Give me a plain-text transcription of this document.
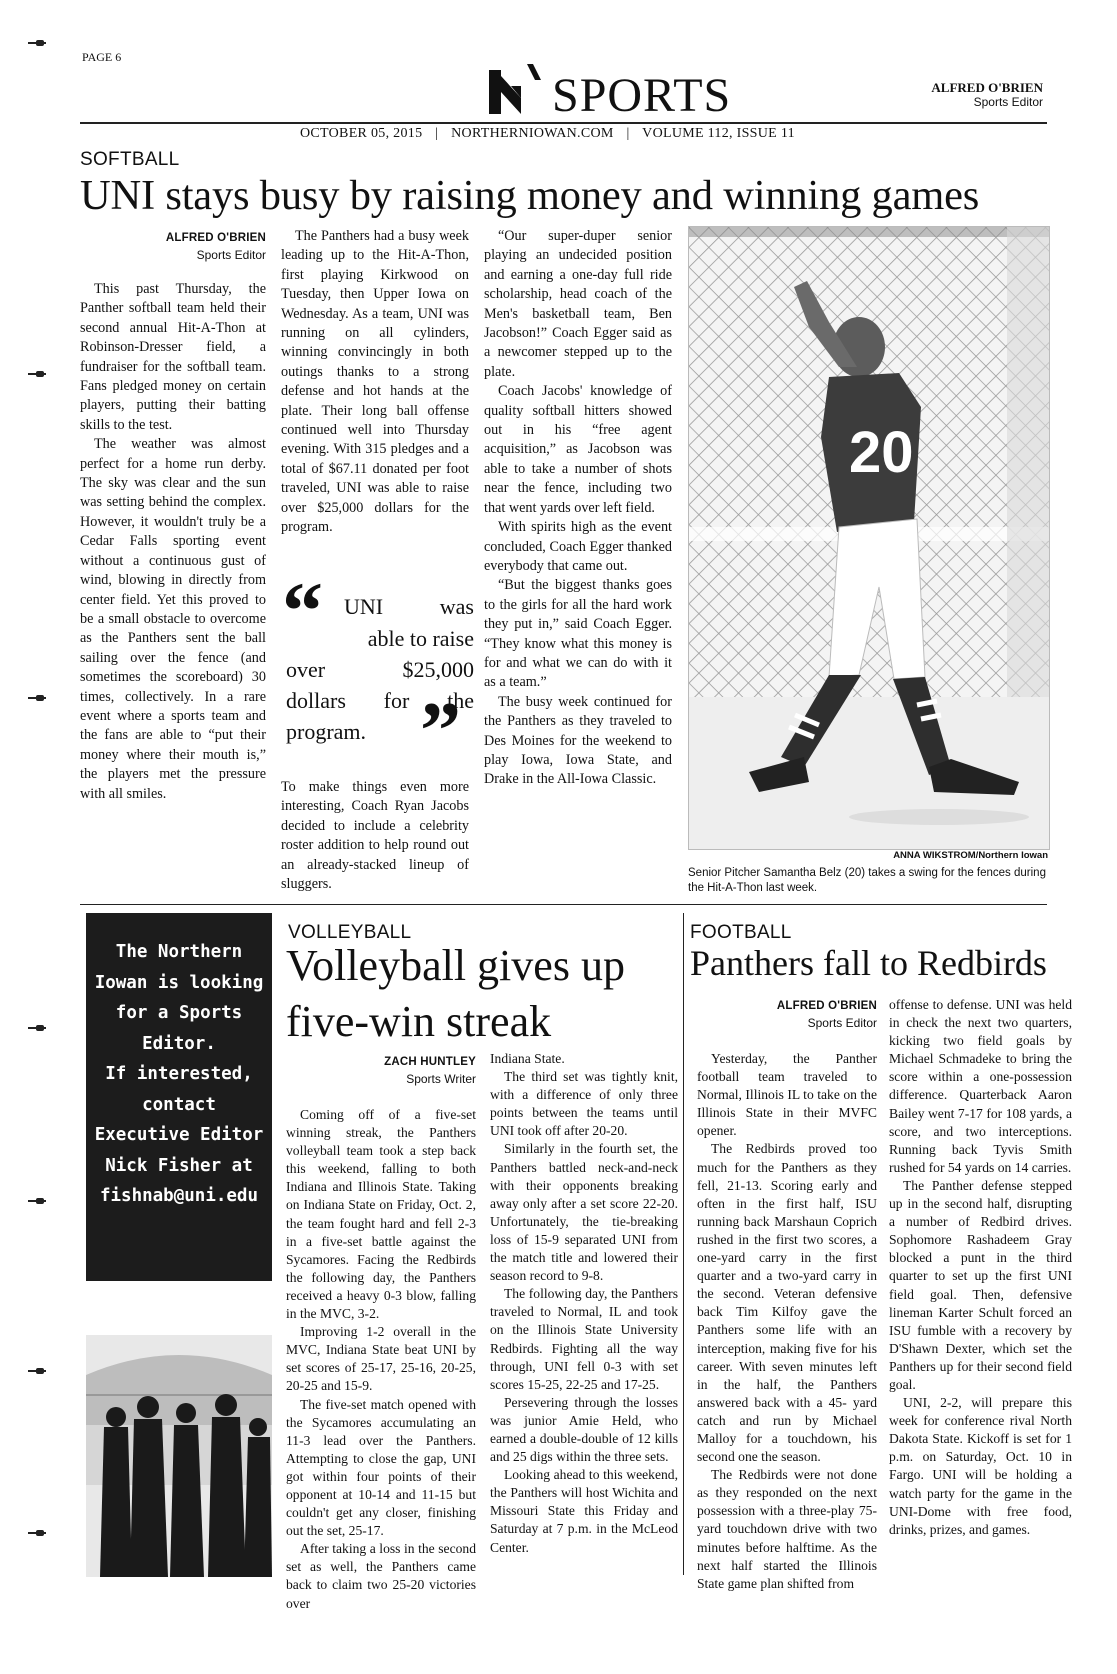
PAGE 6
SPORTS	ALFRED O'BRIEN
Sports Editor
OCTOBER 05, 2015 | NORTHERNIOWAN.COM | VOLUME 112, ISSUE 11
SOFTBALL
UNI stays busy by raising money and winning games
ALFRED O'BRIEN
Sports Editor

This past Thursday, the Panther softball team held their second annual Hit-A-Thon at Robinson-Dresser field, a fundraiser for the softball team. Fans pledged money on certain players, putting their batting skills to the test.

The weather was almost perfect for a home run derby. The sky was clear and the sun was setting behind the complex. However, it wouldn't truly be a Cedar Falls sporting event without a continuous gust of wind, blowing in directly from center field. Yet this proved to be a small obstacle to overcome as the Panthers sent the ball sailing over the fence (and sometimes the scoreboard) 30 times, collectively. In a rare event where a sports team and the fans are able to “put their money where their mouth is,” the players met the pressure with all smiles.

The Panthers had a busy week leading up to the Hit-A-Thon, first playing Kirkwood on Tuesday, then Upper Iowa on Wednesday. As a team, UNI was running on all cylinders, winning convincingly in both outings thanks to a strong defense and hot hands at the plate. Their long ball offense continued well into Thursday evening. With 315 pledges and a total of $67.11 donated per foot traveled, UNI was able to raise over $25,000 dollars for the program.

“ UNI was
able to raise
over $25,000
dollars for the
program. ”

To make things even more interesting, Coach Ryan Jacobs decided to include a celebrity roster addition to help round out an already-stacked lineup of sluggers.

“Our super-duper senior playing an undecided position and earning a one-day full ride scholarship, head coach of the Men's basketball team, Ben Jacobson!” Coach Egger said as a newcomer stepped up to the plate.

Coach Jacobs' knowledge of quality softball hitters showed out in his “free agent acquisition,” as Jacobson was able to take a number of shots near the fence, including two that went yards over left field.

With spirits high as the event concluded, Coach Egger thanked everybody that came out.

“But the biggest thanks goes to the girls for all the hard work they put in,” said Coach Egger. “They know what this money is for and what we can do with it as a team.”

The busy week continued for the Panthers as they traveled to Des Moines for the weekend to play Iowa, Iowa State, and Drake in the All-Iowa Classic.

20
ANNA WIKSTROM/Northern Iowan
Senior Pitcher Samantha Belz (20) takes a swing for the fences during the Hit-A-Thon last week.
The Northern
Iowan is looking
for a Sports
Editor.
If interested,
contact
Executive Editor
Nick Fisher at
fishnab@uni.edu
VOLLEYBALL
Volleyball gives up
five-win streak
ZACH HUNTLEY
Sports Writer

Coming off of a five-set winning streak, the Panthers volleyball team took a step back this weekend, falling to both Indiana and Illinois State. Taking on Indiana State on Friday, Oct. 2, the team fought hard and fell 2-3 in a five-set battle against the Sycamores. Facing the Redbirds the following day, the Panthers received a heavy 0-3 blow, falling in the MVC, 3-2.

Improving 1-2 overall in the MVC, Indiana State beat UNI by set scores of 25-17, 25-16, 20-25, 20-25 and 15-9.

The five-set match opened with the Sycamores accumulating an 11-3 lead over the Panthers. Attempting to close the gap, UNI got within four points of their opponent at 10-14 and 11-15 but couldn't get any closer, finishing out the set, 25-17.

After taking a loss in the second set as well, the Panthers came back to claim two 25-20 victories over

Indiana State.

The third set was tightly knit, with a difference of only three points between the teams until UNI took off after 20-20.

Similarly in the fourth set, the Panthers battled neck-and-neck with their opponents breaking away only after a set score 22-20. Unfortunately, the tie-breaking loss of 15-9 separated UNI from the match title and lowered their season record to 9-8.

The following day, the Panthers traveled to Normal, IL and took on the Illinois State University Redbirds. Fighting all the way through, UNI fell 0-3 with set scores 15-25, 22-25 and 17-25.

Persevering through the losses was junior Amie Held, who earned a double-double of 12 kills and 25 digs within the three sets.

Looking ahead to this weekend, the Panthers will host Wichita and Missouri State this Friday and Saturday at 7 p.m. in the McLeod Center.

FOOTBALL
Panthers fall to Redbirds
ALFRED O'BRIEN
Sports Editor

Yesterday, the Panther football team traveled to Normal, Illinois IL to take on the Illinois State in their MVFC opener.

The Redbirds proved too much for the Panthers as they fell, 21-13. Scoring early and often in the first half, ISU running back Marshaun Coprich rushed in the first two scores, a one-yard carry in the first quarter and a two-yard carry in the second. Veteran defensive back Tim Kilfoy gave the Panthers some life with an interception, making five for his career. With seven minutes left in the half, the Panthers answered back with a 45- yard catch and run by Michael Malloy for a touchdown, his second one the season.

The Redbirds were not done as they responded on the next possession with a three-play 75-yard touchdown drive with two minutes before halftime. As the next half started the Illinois State game plan shifted from

offense to defense. UNI was held in check the next two quarters, kicking two field goals by Michael Schmadeke to bring the score within a one-possession difference. Quarterback Aaron Bailey went 7-17 for 108 yards, a score, and two interceptions. Running back Tyvis Smith rushed for 54 yards on 14 carries.

The Panther defense stepped up in the second half, disrupting a number of Redbird drives. Sophomore Rashadeem Gray blocked a punt in the third quarter to set up the first UNI field goal. Then, defensive lineman Karter Schult forced an ISU fumble with a recovery by D'Shawn Dexter, which set the Panthers up for their second field goal.

UNI, 2-2, will prepare this week for conference rival North Dakota State. Kickoff is set for 1 p.m. on Saturday, Oct. 10 in Fargo. UNI will be holding a watch party for the game in the UNI-Dome with free food, drinks, prizes, and games.
